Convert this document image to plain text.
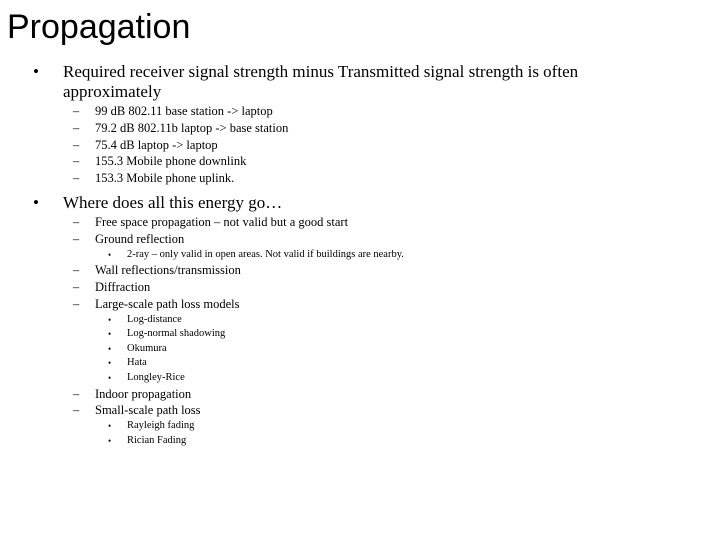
Propagation
• Required receiver signal strength minus Transmitted signal strength is often approximately
– 99 dB 802.11 base station -> laptop
– 79.2 dB 802.11b laptop -> base station
– 75.4 dB laptop -> laptop
– 155.3 Mobile phone downlink
– 153.3 Mobile phone uplink.
• Where does all this energy go…
– Free space propagation – not valid but a good start
– Ground reflection
• 2-ray – only valid in open areas. Not valid if buildings are nearby.
– Wall reflections/transmission
– Diffraction
– Large-scale path loss models
• Log-distance
• Log-normal shadowing
• Okumura
• Hata
• Longley-Rice
– Indoor propagation
– Small-scale path loss
• Rayleigh fading
• Rician Fading
